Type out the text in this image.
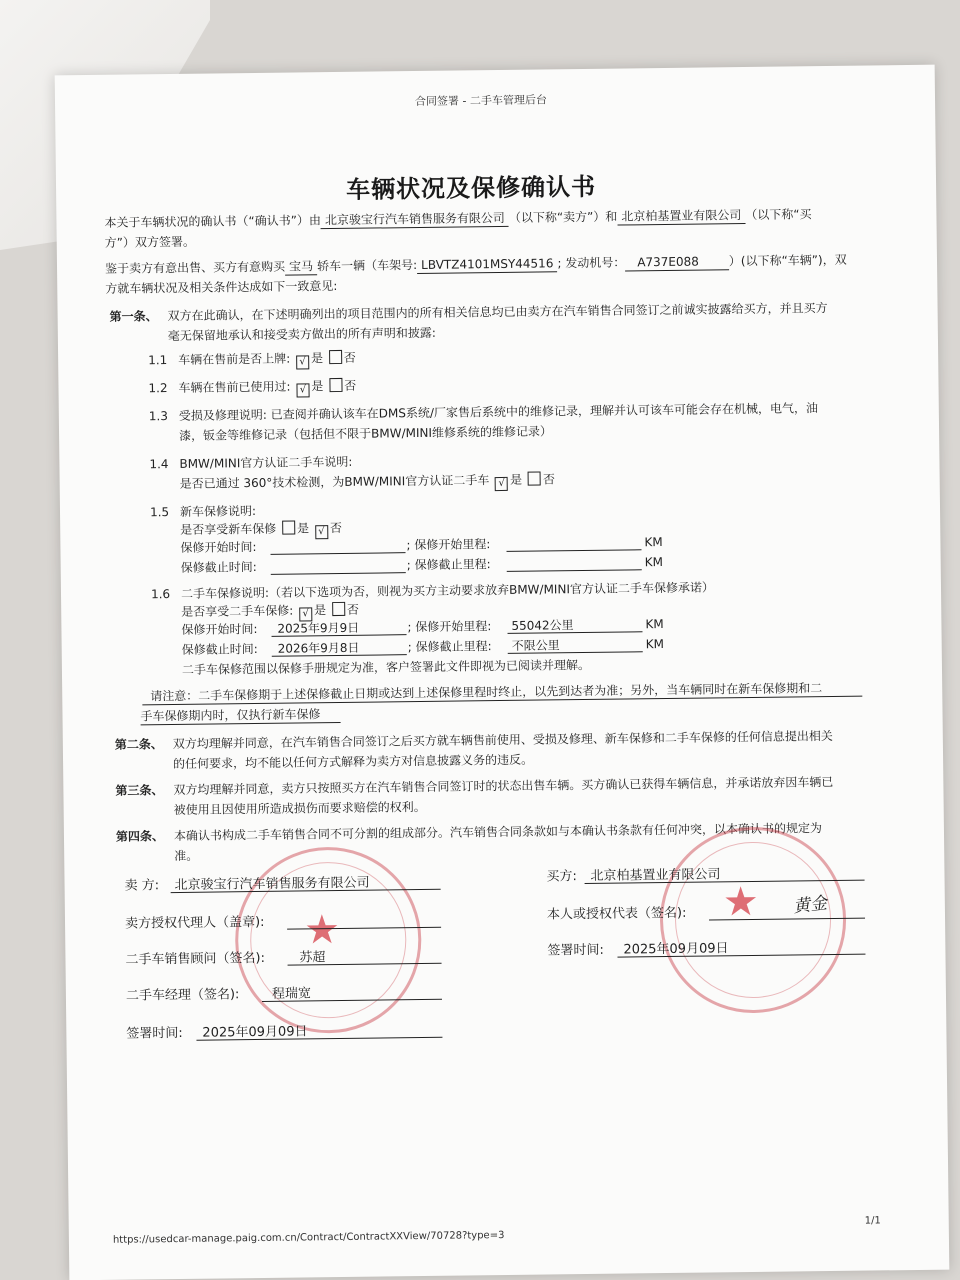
合同签署 - 二手车管理后台
车辆状况及保修确认书
本关于车辆状况的确认书（“确认书”）由 北京骏宝行汽车销售服务有限公司 （以下称“卖方”）和 北京柏基置业有限公司 （以下称“买
方”）双方签署。
鉴于卖方有意出售、买方有意购买 宝马 轿车一辆（车架号: LBVTZ4101MSY44516 ; 发动机号： A737E088 ）(以下称“车辆”)，双
方就车辆状况及相关条件达成如下一致意见:
第一条、 双方在此确认，在下述明确列出的项目范围内的所有相关信息均已由卖方在汽车销售合同签订之前诚实披露给买方，并且买方
毫无保留地承认和接受卖方做出的所有声明和披露:
1.1 车辆在售前是否上牌: √ 是 否
1.2 车辆在售前已使用过: √ 是 否
1.3 受损及修理说明: 已查阅并确认该车在DMS系统/厂家售后系统中的维修记录，理解并认可该车可能会存在机械，电气，油
漆，钣金等维修记录（包括但不限于BMW/MINI维修系统的维修记录）
1.4 BMW/MINI官方认证二手车说明:
是否已通过 360°技术检测，为BMW/MINI官方认证二手车 √ 是 否
1.5 新车保修说明:
是否享受新车保修 是 √ 否
保修开始时间:	; 保修开始里程:	KM
保修截止时间:	; 保修截止里程:	KM
1.6 二手车保修说明:（若以下选项为否，则视为买方主动要求放弃BMW/MINI官方认证二手车保修承诺）
是否享受二手车保修: √ 是 否
保修开始时间: 2025年9月9日	; 保修开始里程: 55042公里	KM
保修截止时间: 2026年9月8日	; 保修截止里程: 不限公里	KM
二手车保修范围以保修手册规定为准，客户签署此文件即视为已阅读并理解。
请注意：二手车保修期于上述保修截止日期或达到上述保修里程时终止，以先到达者为准；另外，当车辆同时在新车保修期和二
手车保修期内时，仅执行新车保修
第二条、 双方均理解并同意，在汽车销售合同签订之后买方就车辆售前使用、受损及修理、新车保修和二手车保修的任何信息提出相关
的任何要求，均不能以任何方式解释为卖方对信息披露义务的违反。
第三条、 双方均理解并同意，卖方只按照买方在汽车销售合同签订时的状态出售车辆。买方确认已获得车辆信息，并承诺放弃因车辆已
被使用且因使用所造成损伤而要求赔偿的权利。
第四条、 本确认书构成二手车销售合同不可分割的组成部分。汽车销售合同条款如与本确认书条款有任何冲突，以本确认书的规定为
准。
★
★
卖 方: 北京骏宝行汽车销售服务有限公司
卖方授权代理人（盖章):
二手车销售顾问（签名):	苏超
二手车经理（签名): 程瑞宽
签署时间: 2025年09月09日
买方: 北京柏基置业有限公司
本人或授权代表（签名):	黄金
签署时间: 2025年09月09日
https://usedcar-manage.paig.com.cn/Contract/ContractXXView/70728?type=3
1/1
